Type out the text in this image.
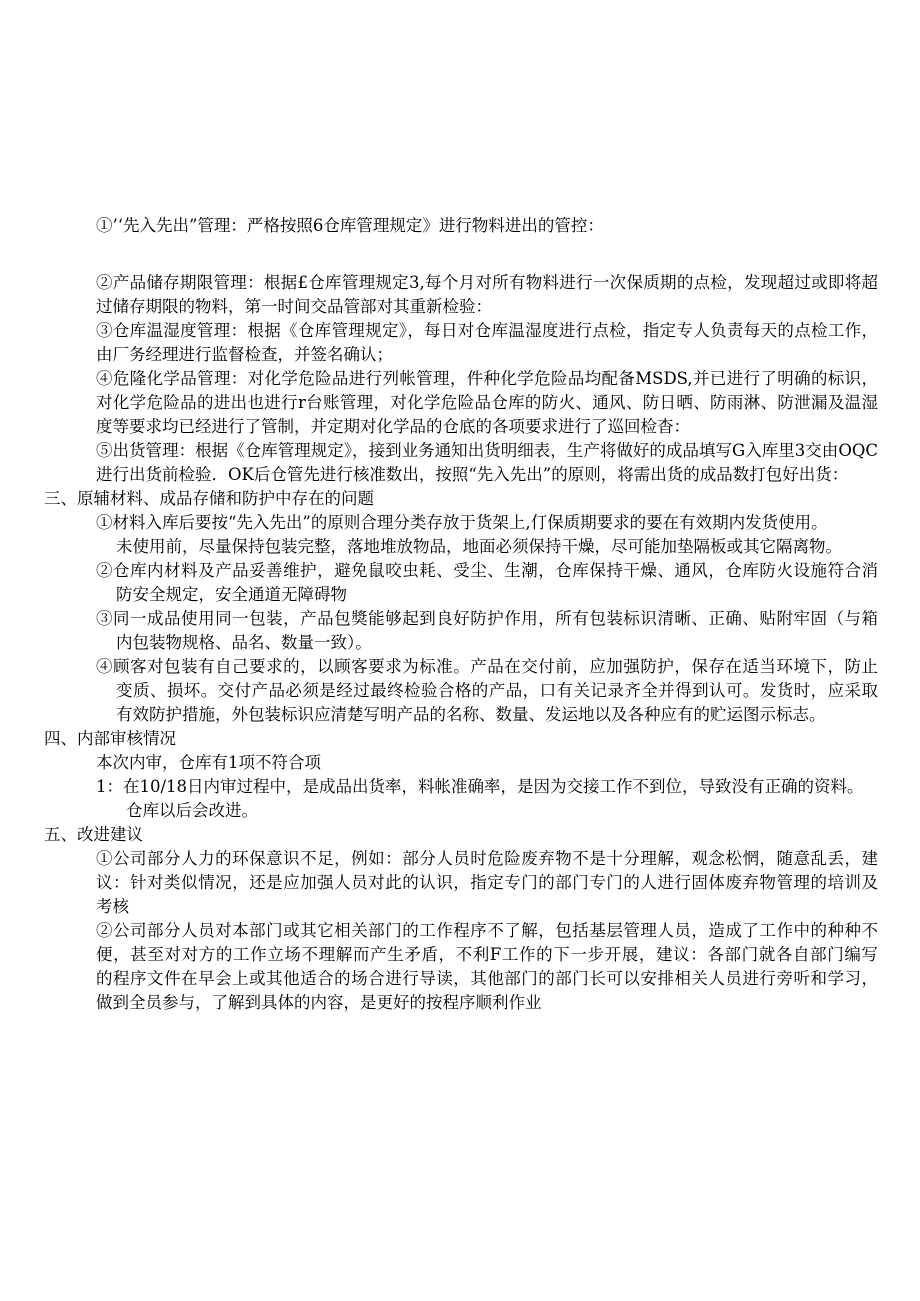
①’‘先入先出”管理：严格按照6仓库管理规定》进行物料进出的管控：
②产品储存期限管理：根据£仓库管理规定3,每个月对所有物料进行一次保质期的点检，发现超过或即将超
过储存期限的物料，第一时间交品管部对其重新检验：
③仓库温湿度管理：根据《仓库管理规定》，每日对仓库温湿度进行点检，指定专人负责每天的点检工作，
由厂务经理进行监督检查，并签名确认；
④危隆化学品管理：对化学危险品进行列帐管理，件种化学危险品均配备MSDS,并已进行了明确的标识，
对化学危险品的进出也进行r台账管理，对化学危险品仓库的防火、通风、防日晒、防雨淋、防泄漏及温湿
度等要求均已经进行了管制，并定期对化学品的仓底的各项要求进行了巡回检杳：
⑤出货管理：根据《仓库管理规定》，接到业务通知出货明细表，生产将做好的成品填写G入库里3交由OQC
进行出货前检验．OK后仓管先进行核准数出，按照“先入先出”的原则，将需出货的成品数打包好出货：
三、原辅材料、成品存储和防护中存在的问题
①材料入库后要按“先入先出”的原则合理分类存放于货架上,仃保质期要求的要在有效期内发货使用。
未使用前，尽量保持包装完整，落地堆放物品，地面必须保持干燥，尽可能加垫隔板或其它隔离物。
②仓库内材料及产品妥善维护，避免鼠咬虫耗、受尘、生潮，仓库保持干燥、通风，仓库防火设施符合消
防安全规定，安全通道无障碍物
③同一成品使用同一包装，产品包獎能够起到良好防护作用，所有包装标识清晰、正确、贴附牢固（与箱
内包装物规格、品名、数量一致）。
④顾客对包装有自己要求的，以顾客要求为标准。产品在交付前，应加强防护，保存在适当环境下，防止
变质、损坏。交付产品必须是经过最终检验合格的产品，口有关记录齐全并得到认可。发货时，应采取
有效防护措施，外包装标识应清楚写明产品的名称、数量、发运地以及各种应有的贮运图示标志。
四、内部审核情况
本次内审，仓库有1项不符合项
1：在10/18日内审过程中，是成品出货率，料帐准确率，是因为交接工作不到位，导致没有正确的资料。
仓库以后会改进。
五、改进建议
①公司部分人力的环保意识不足，例如：部分人员时危险废弃物不是十分理解，观念松惘，随意乱丢，建
议：针对类似情况，还是应加强人员对此的认识，指定专门的部门专门的人进行固体废弃物管理的培训及
考核
②公司部分人员对本部门或其它相关部门的工作程序不了解，包括基层管理人员，造成了工作中的种种不
便，甚至对对方的工作立场不理解而产生矛盾，不利F工作的下一步开展，建议：各部门就各自部门编写
的程序文件在早会上或其他适合的场合进行导读，其他部门的部门长可以安排相关人员进行旁听和学习，
做到全员参与，了解到具体的内容，是更好的按程序顺利作业
